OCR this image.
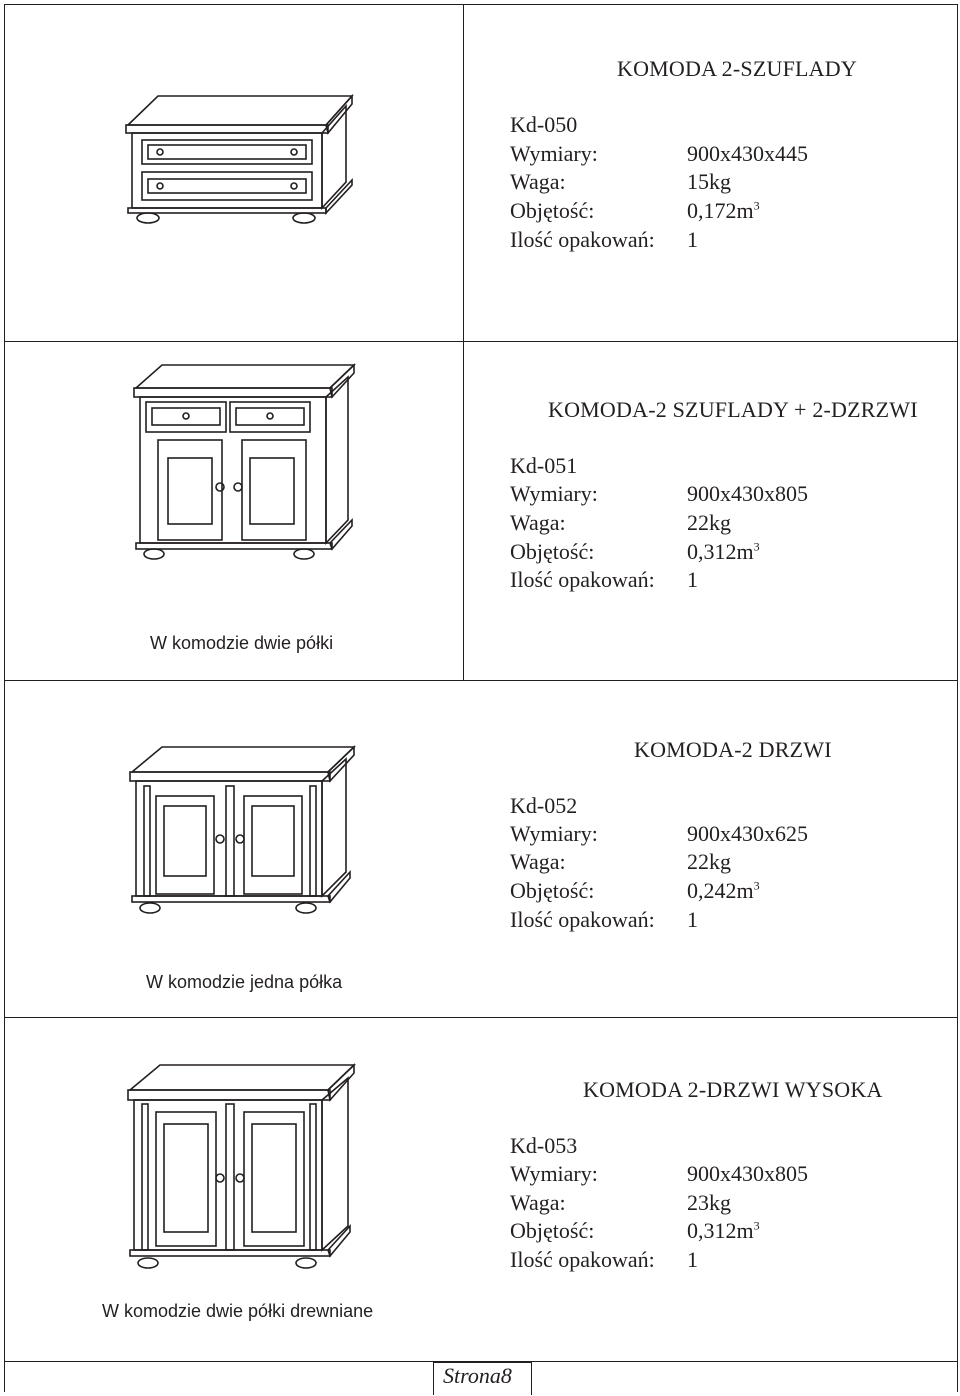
KOMODA 2-SZUFLADY
Kd-050
Wymiary:	900x430x445
Waga:	15kg
Objętość:	$0,172m^3$
Ilość opakowań: 1
KOMODA-2 SZUFLADY + 2-DZRZWI
Kd-051
Wymiary:	900x430x805
Waga:	22kg
Objętość:	$0,312m^3$
Ilość opakowań: 1
W komodzie dwie półki
KOMODA-2 DRZWI
Kd-052
Wymiary:	900x430x625
Waga:	22kg
Objętość:	$0,242m^3$
Ilość opakowań: 1
W komodzie jedna półka
KOMODA 2-DRZWI WYSOKA
Kd-053
Wymiary:	900x430x805
Waga:	23kg
Objętość:	$0,312m^3$
Ilość opakowań: 1
W komodzie dwie półki drewniane
Strona8
